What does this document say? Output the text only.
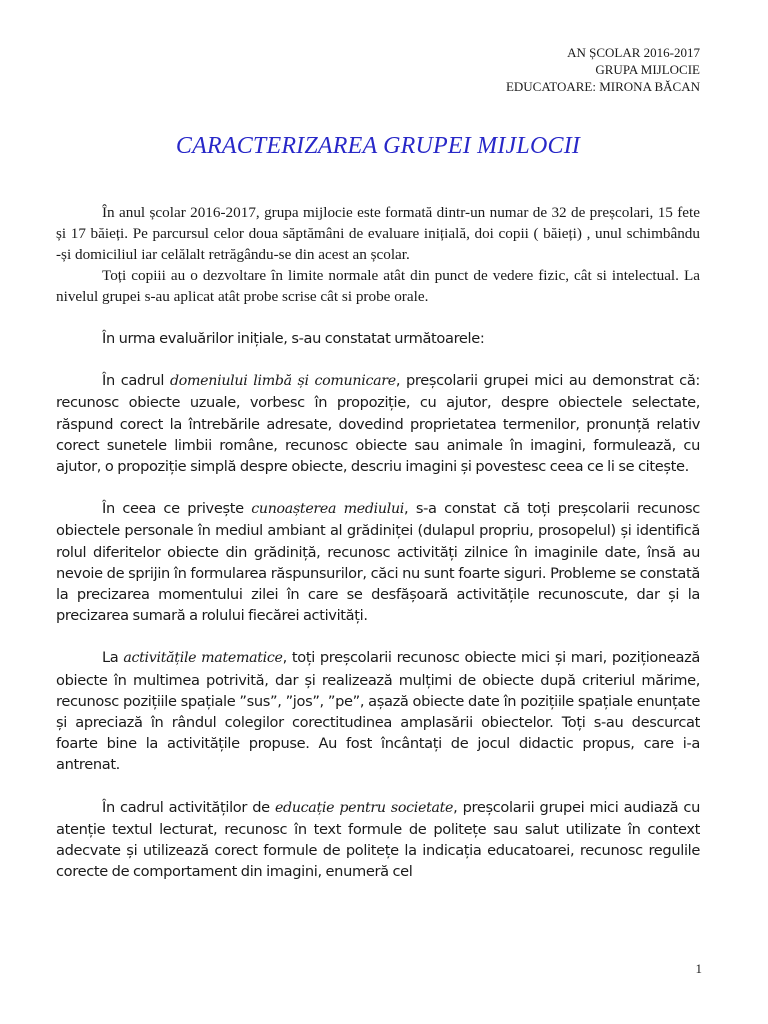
AN ȘCOLAR 2016-2017
GRUPA MIJLOCIE
EDUCATOARE: MIRONA BĂCAN
CARACTERIZAREA GRUPEI MIJLOCII

În anul școlar 2016-2017, grupa mijlocie este formată dintr-un numar de 32 de preșcolari, 15 fete și 17 băieți. Pe parcursul celor doua săptămâni de evaluare inițială, doi copii ( băieți) , unul schimbându -și domiciliul iar celălalt retrăgându-se din acest an școlar.

Toți copiii au o dezvoltare în limite normale atât din punct de vedere fizic, cât si intelectual. La nivelul grupei s-au aplicat atât probe scrise cât si probe orale.

În urma evaluărilor inițiale, s-au constatat următoarele:

În cadrul domeniului limbă și comunicare, preșcolarii grupei mici au demonstrat că: recunosc obiecte uzuale, vorbesc în propoziție, cu ajutor, despre obiectele selectate, răspund corect la întrebările adresate, dovedind proprietatea termenilor, pronunță relativ corect sunetele limbii române, recunosc obiecte sau animale în imagini, formulează, cu ajutor, o propoziție simplă despre obiecte, descriu imagini și povestesc ceea ce li se citește.

În ceea ce privește cunoașterea mediului, s-a constat că toți preșcolarii recunosc obiectele personale în mediul ambiant al grădiniței (dulapul propriu, prosopelul) și identifică rolul diferitelor obiecte din grădiniță, recunosc activități zilnice în imaginile date, însă au nevoie de sprijin în formularea răspunsurilor, căci nu sunt foarte siguri. Probleme se constată la precizarea momentului zilei în care se desfășoară activitățile recunoscute, dar și la precizarea sumară a rolului fiecărei activități.

La activitățile matematice, toți preșcolarii recunosc obiecte mici și mari, poziționează obiecte în multimea potrivită, dar și realizează mulțimi de obiecte după criteriul mărime, recunosc pozițiile spațiale ”sus”, ”jos”, ”pe”, așază obiecte date în pozițiile spațiale enunțate și apreciază în rândul colegilor corectitudinea amplasării obiectelor. Toți s-au descurcat foarte bine la activitățile propuse. Au fost încântați de jocul didactic propus, care i-a antrenat.

În cadrul activităților de educație pentru societate, preșcolarii grupei mici audiază cu atenție textul lecturat, recunosc în text formule de politețe sau salut utilizate în context adecvate și utilizează corect formule de politețe la indicația educatoarei, recunosc regulile corecte de comportament din imagini, enumeră cel

1
